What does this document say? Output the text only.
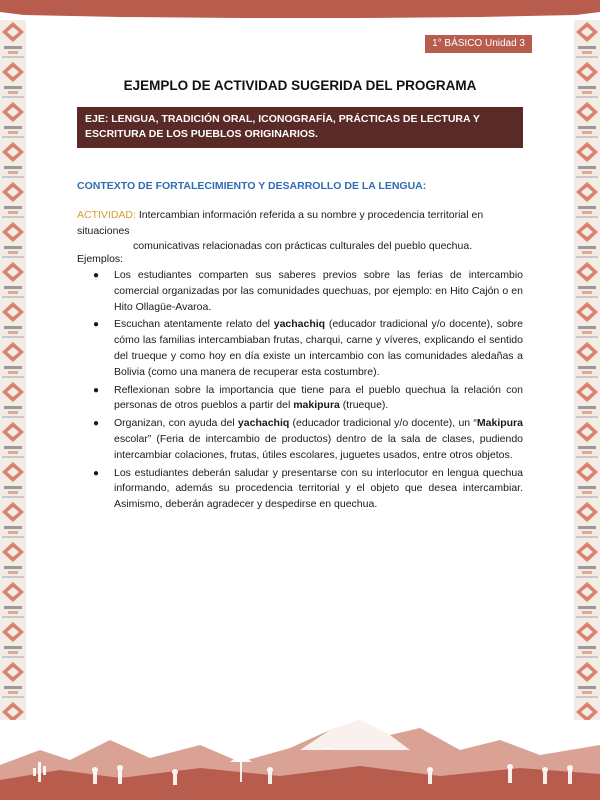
1° BÁSICO Unidad 3
EJEMPLO DE ACTIVIDAD SUGERIDA DEL PROGRAMA
EJE: LENGUA, TRADICIÓN ORAL, ICONOGRAFÍA, PRÁCTICAS DE LECTURA Y ESCRITURA DE LOS PUEBLOS ORIGINARIOS.
CONTEXTO DE FORTALECIMIENTO Y DESARROLLO DE LA LENGUA:
ACTIVIDAD: Intercambian información referida a su nombre y procedencia territorial en situaciones
comunicativas relacionadas con prácticas culturales del pueblo quechua.
Ejemplos:
● Los estudiantes comparten sus saberes previos sobre las ferias de intercambio comercial organizadas por las comunidades quechuas, por ejemplo: en Hito Cajón o en Hito Ollagüe-Avaroa.
● Escuchan atentamente relato del yachachiq (educador tradicional y/o docente), sobre cómo las familias intercambiaban frutas, charqui, carne y víveres, explicando el sentido del trueque y como hoy en día existe un intercambio con las comunidades aledañas a Bolivia (como una manera de recuperar esta costumbre).
● Reflexionan sobre la importancia que tiene para el pueblo quechua la relación con personas de otros pueblos a partir del makipura (trueque).
● Organizan, con ayuda del yachachiq (educador tradicional y/o docente), un “Makipura escolar” (Feria de intercambio de productos) dentro de la sala de clases, pudiendo intercambiar colaciones, frutas, útiles escolares, juguetes usados, entre otros objetos.
● Los estudiantes deberán saludar y presentarse con su interlocutor en lengua quechua informando, además su procedencia territorial y el objeto que desea intercambiar. Asimismo, deberán agradecer y despedirse en quechua.
